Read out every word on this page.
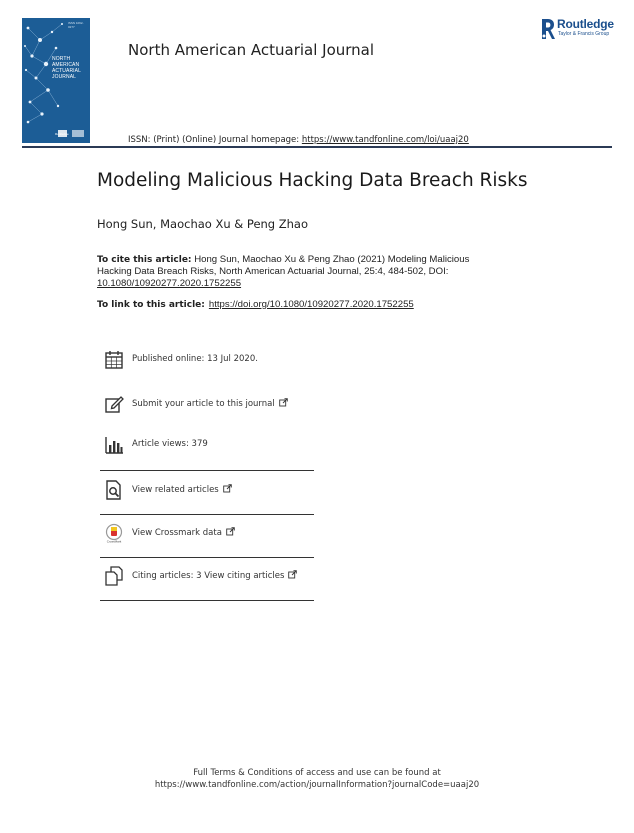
ISSN 1092-0277
NORTH AMERICAN ACTUARIAL JOURNAL
Routledge
North American Actuarial Journal
Routledge
Taylor & Francis Group
ISSN: (Print) (Online) Journal homepage: https://www.tandfonline.com/loi/uaaj20
Modeling Malicious Hacking Data Breach Risks
Hong Sun, Maochao Xu & Peng Zhao
To cite this article: Hong Sun, Maochao Xu & Peng Zhao (2021) Modeling Malicious Hacking Data Breach Risks, North American Actuarial Journal, 25:4, 484-502, DOI: 10.1080/10920277.2020.1752255
To link to this article: https://doi.org/10.1080/10920277.2020.1752255
Published online: 13 Jul 2020.
Submit your article to this journal
Article views: 379
View related articles
CrossMark
View Crossmark data
Citing articles: 3 View citing articles
Full Terms & Conditions of access and use can be found at
https://www.tandfonline.com/action/journalInformation?journalCode=uaaj20
